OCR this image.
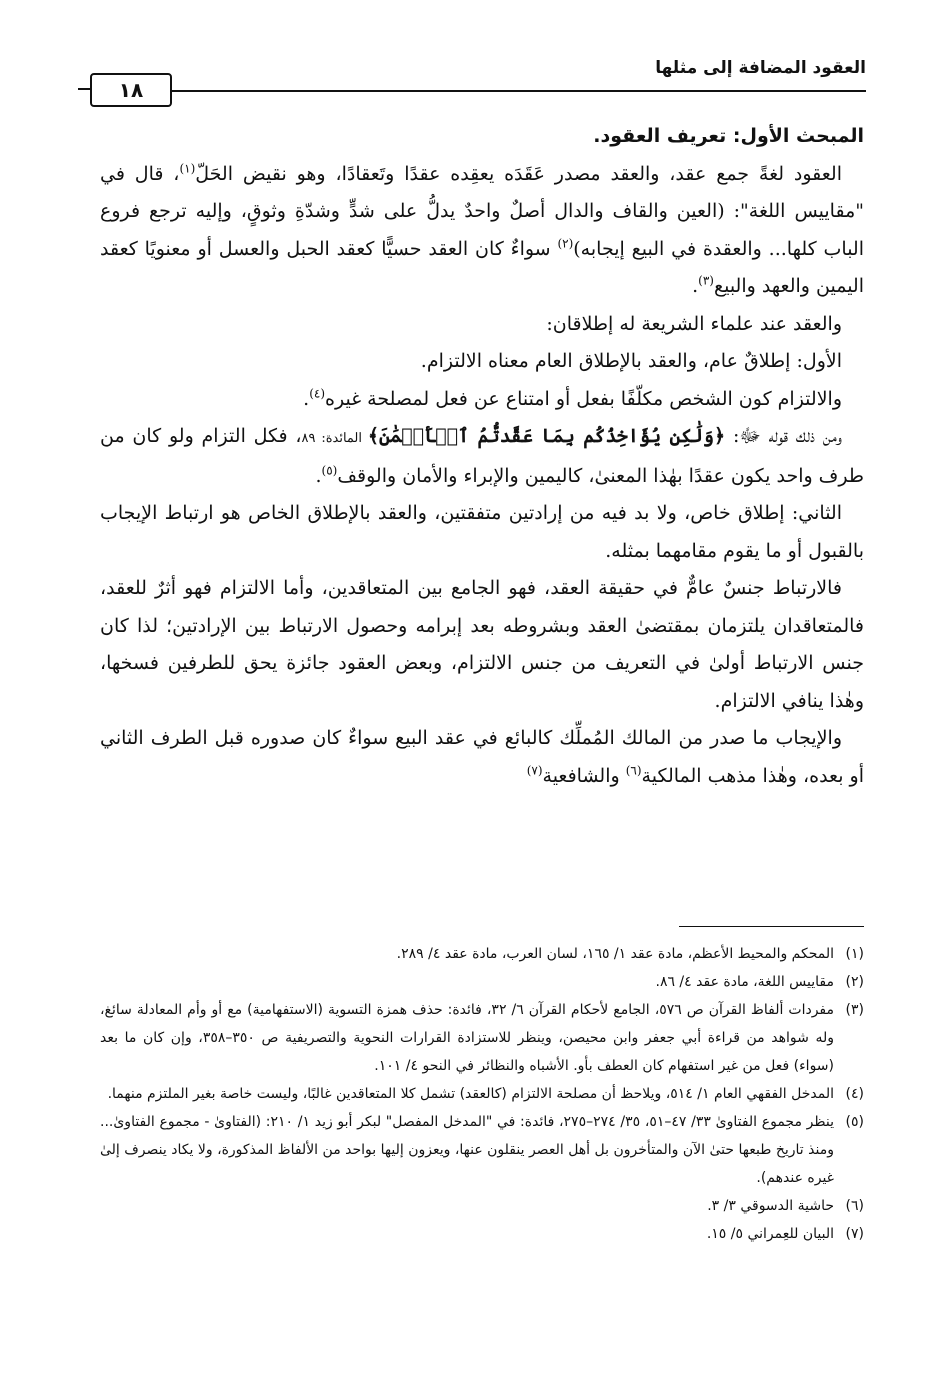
العقود المضافة إلى مثلها
١٨

المبحث الأول: تعريف العقود.

العقود لغةً جمع عقد، والعقد مصدر عَقَدَه يعقِده عقدًا وتَعقادًا، وهو نقيض الحَلّ$^{(١)}$، قال في "مقاييس اللغة": (العين والقاف والدال أصلٌ واحدٌ يدلُّ على شدٍّ وشدّةِ وثوقٍ، وإليه ترجع فروع الباب كلها... والعقدة في البيع إيجابه)$^{(٢)}$ سواءٌ كان العقد حسيًّا كعقد الحبل والعسل أو معنويًا كعقد اليمين والعهد والبيع$^{(٣)}$.

والعقد عند علماء الشريعة له إطلاقان:

الأول: إطلاقٌ عام، والعقد بالإطلاق العام معناه الالتزام.

والالتزام كون الشخص مكلّفًا بفعل أو امتناع عن فعل لمصلحة غيره$^{(٤)}$.

ومن ذلك قوله ﷻ: ﴿وَلَٰكِن يُؤَاخِذُكُم بِمَا عَقَّدتُّمُ ٱلۡأَيۡمَٰنَ﴾ المائدة: ٨٩، فكل التزام ولو كان من طرف واحد يكون عقدًا بهٰذا المعنىٰ، كاليمين والإبراء والأمان والوقف$^{(٥)}$.

الثاني: إطلاق خاص، ولا بد فيه من إرادتين متفقتين، والعقد بالإطلاق الخاص هو ارتباط الإيجاب بالقبول أو ما يقوم مقامهما بمثله.

فالارتباط جنسٌ عامٌّ في حقيقة العقد، فهو الجامع بين المتعاقدين، وأما الالتزام فهو أثرٌ للعقد، فالمتعاقدان يلتزمان بمقتضىٰ العقد وبشروطه بعد إبرامه وحصول الارتباط بين الإرادتين؛ لذا كان جنس الارتباط أولىٰ في التعريف من جنس الالتزام، وبعض العقود جائزة يحق للطرفين فسخها، وهٰذا ينافي الالتزام.

والإيجاب ما صدر من المالك المُملِّك كالبائع في عقد البيع سواءٌ كان صدوره قبل الطرف الثاني أو بعده، وهٰذا مذهب المالكية$^{(٦)}$ والشافعية$^{(٧)}$

(١)
المحكم والمحيط الأعظم، مادة عقد ١/ ١٦٥، لسان العرب، مادة عقد ٤/ ٢٨٩.

(٢)
مقاييس اللغة، مادة عقد ٤/ ٨٦.

(٣)
مفردات ألفاظ القرآن ص ٥٧٦، الجامع لأحكام القرآن ٦/ ٣٢، فائدة: حذف همزة التسوية (الاستفهامية) مع أو وأم المعادلة سائغ، وله شواهد من قراءة أبي جعفر وابن محيصن، وينظر للاستزادة القرارات النحوية والتصريفية ص ٣٥٠–٣٥٨، وإن كان ما بعد (سواء) فعل من غير استفهام كان العطف بأو. الأشباه والنظائر في النحو ٤/ ١٠١.

(٤)
المدخل الفقهي العام ١/ ٥١٤، ويلاحظ أن مصلحة الالتزام (كالعقد) تشمل كلا المتعاقدين غالبًا، وليست خاصة بغير الملتزم منهما.

(٥)
ينظر مجموع الفتاوىٰ ٣٣/ ٤٧–٥١، ٣٥/ ٢٧٤–٢٧٥، فائدة: في "المدخل المفصل" لبكر أبو زيد ١/ ٢١٠: (الفتاوىٰ - مجموع الفتاوىٰ... ومنذ تاريخ طبعها حتىٰ الآن والمتأخرون بل أهل العصر ينقلون عنها، ويعزون إليها بواحد من الألفاظ المذكورة، ولا يكاد ينصرف إلىٰ غيره عندهم).

(٦)
حاشية الدسوقي ٣/ ٣.

(٧)
البيان للعِمراني ٥/ ١٥.
